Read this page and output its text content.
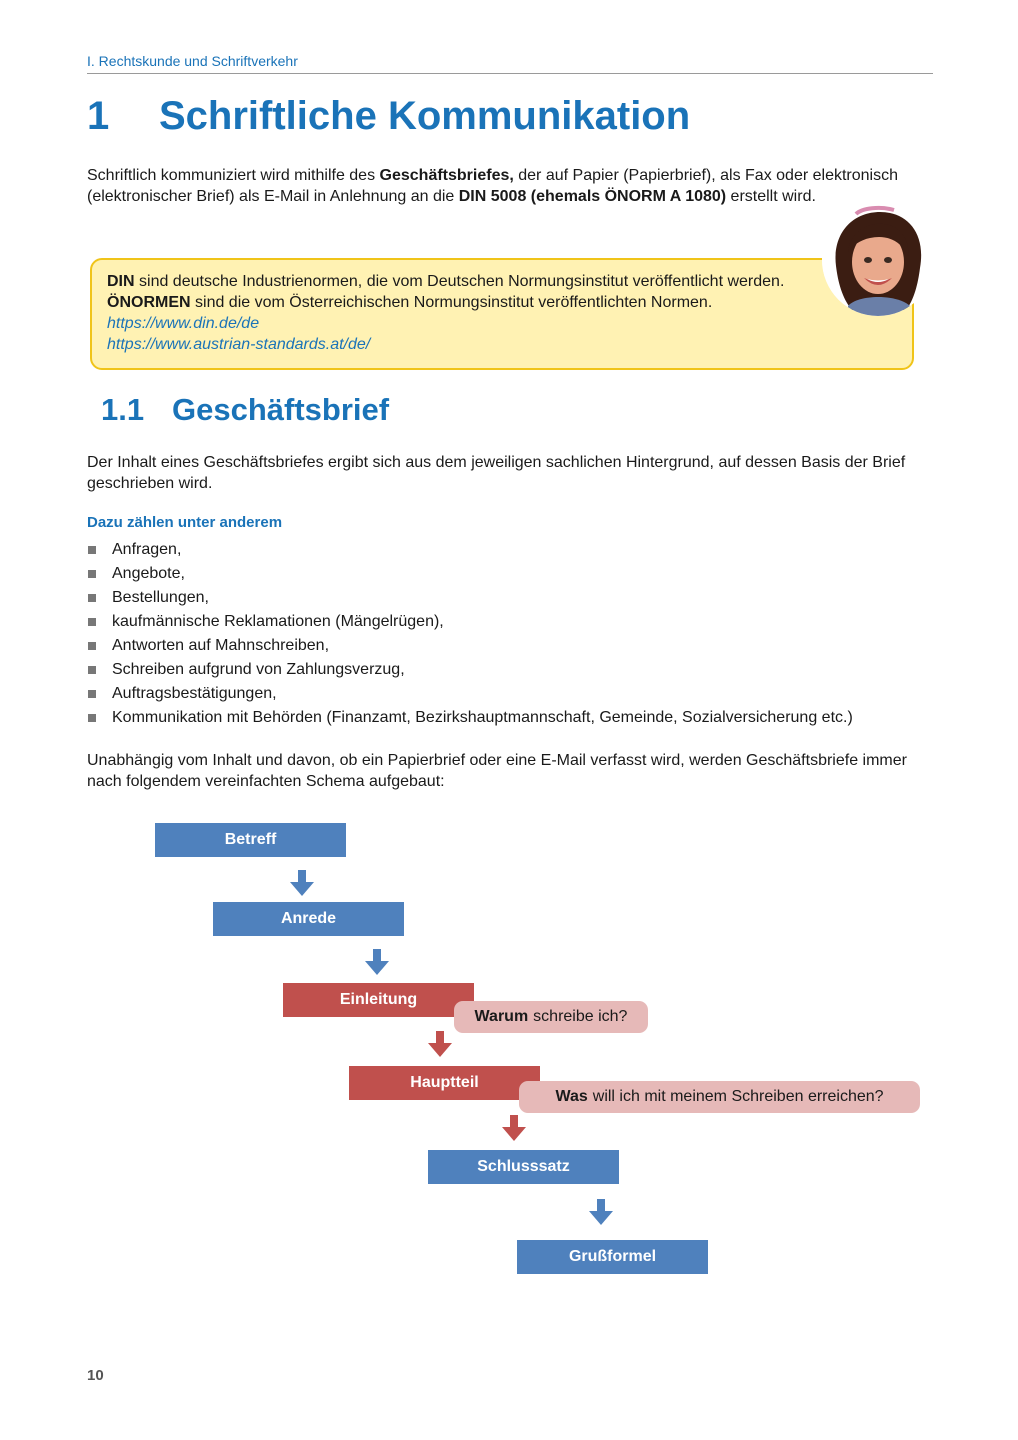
I. Rechtskunde und Schriftverkehr
1 Schriftliche Kommunikation
Schriftlich kommuniziert wird mithilfe des Geschäftsbriefes, der auf Papier (Papierbrief), als Fax oder elektronisch (elektronischer Brief) als E-Mail in Anlehnung an die DIN 5008 (ehemals ÖNORM A 1080) erstellt wird.
DIN sind deutsche Industrienormen, die vom Deutschen Normungsinstitut veröffentlicht werden.
ÖNORMEN sind die vom Österreichischen Normungsinstitut veröffentlichten Normen.
https://www.din.de/de
https://www.austrian-standards.at/de/
1.1 Geschäftsbrief
Der Inhalt eines Geschäftsbriefes ergibt sich aus dem jeweiligen sachlichen Hintergrund, auf dessen Basis der Brief geschrieben wird.
Dazu zählen unter anderem
Anfragen,
Angebote,
Bestellungen,
kaufmännische Reklamationen (Mängelrügen),
Antworten auf Mahnschreiben,
Schreiben aufgrund von Zahlungsverzug,
Auftragsbestätigungen,
Kommunikation mit Behörden (Finanzamt, Bezirkshauptmannschaft, Gemeinde, Sozialversicherung etc.)
Unabhängig vom Inhalt und davon, ob ein Papierbrief oder eine E-Mail verfasst wird, werden Geschäftsbriefe immer nach folgendem vereinfachten Schema aufgebaut:
Betreff
Anrede
Einleitung
Hauptteil
Schlusssatz
Grußformel
Warum schreibe ich?
Was will ich mit meinem Schreiben erreichen?
10
